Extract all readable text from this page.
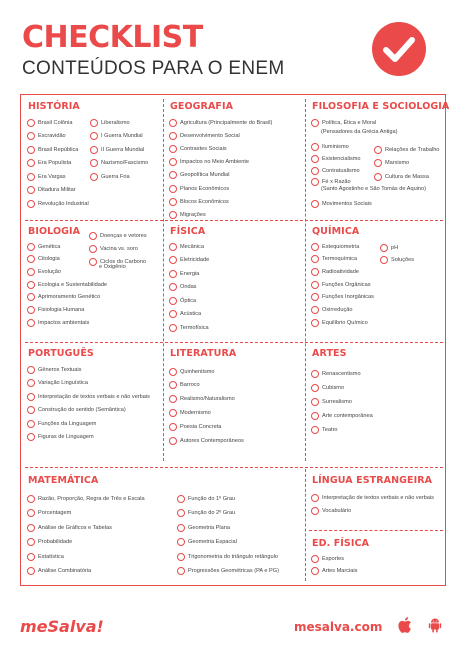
CHECKLIST
CONTEÚDOS PARA O ENEM
HISTÓRIA
Brasil Colônia
Escravidão
Brasil República
Era Populista
Era Vargas
Ditadura Militar
Revolução Industrial
Liberalismo
I Guerra Mundial
II Guerra Mundial
Nazismo/Fascismo
Guerra Fria
GEOGRAFIA
Agricultura (Principalmente do Brasil)
Desenvolvimento Social
Contrastes Sociais
Impactos no Meio Ambiente
Geopolítica Mundial
Planos Econômicos
Blocos Econômicos
Migrações
FILOSOFIA E SOCIOLOGIA
Política, Ética e Moral
Iluminismo
Existencialismo
Contratualismo
Fé x Razão
Movimentos Sociais
Relações de Trabalho
Marxismo
Cultura de Massa
(Pensadores da Grécia Antiga)
(Santo Agostinho e São Tomás de Aquino)
BIOLOGIA
Genética
Citologia
Evolução
Ecologia e Sustentabilidade
Aprimoramento Genético
Fisiologia Humana
Impactos ambientais
Doenças e vetores
Vacina vs. soro
Ciclos do Carbono
e Oxigênio
FÍSICA
Mecânica
Eletricidade
Energia
Ondas
Óptica
Acústica
Termofísica
QUÍMICA
Estequiometria
Termoquímica
Radioatividade
Funções Orgânicas
Funções Inorgânicas
Oxirredução
Equilíbrio Químico
pH
Soluções
PORTUGUÊS
Gêneros Textuais
Variação Linguística
Interpretação de textos verbais e não verbais
Construção do sentido (Semântica)
Funções da Linguagem
Figuras de Linguagem
LITERATURA
Quinhentismo
Barroco
Realismo/Naturalismo
Modernismo
Poesia Concreta
Autores Contemporâneos
ARTES
Renascentismo
Cubismo
Surrealismo
Arte contemporânea
Teatro
MATEMÁTICA
Razão, Proporção, Regra de Três e Escala
Porcentagem
Análise de Gráficos e Tabelas
Probabilidade
Estatística
Análise Combinatória
Função do 1º Grau
Função do 2º Grau
Geometria Plana
Geometria Espacial
Trigonometria do triângulo retângulo
Progressões Geométricas (PA e PG)
LÍNGUA ESTRANGEIRA
Interpretação de textos verbais e não verbais
Vocabulário
ED. FÍSICA
Esportes
Artes Marciais
meSalva!	mesalva.com
